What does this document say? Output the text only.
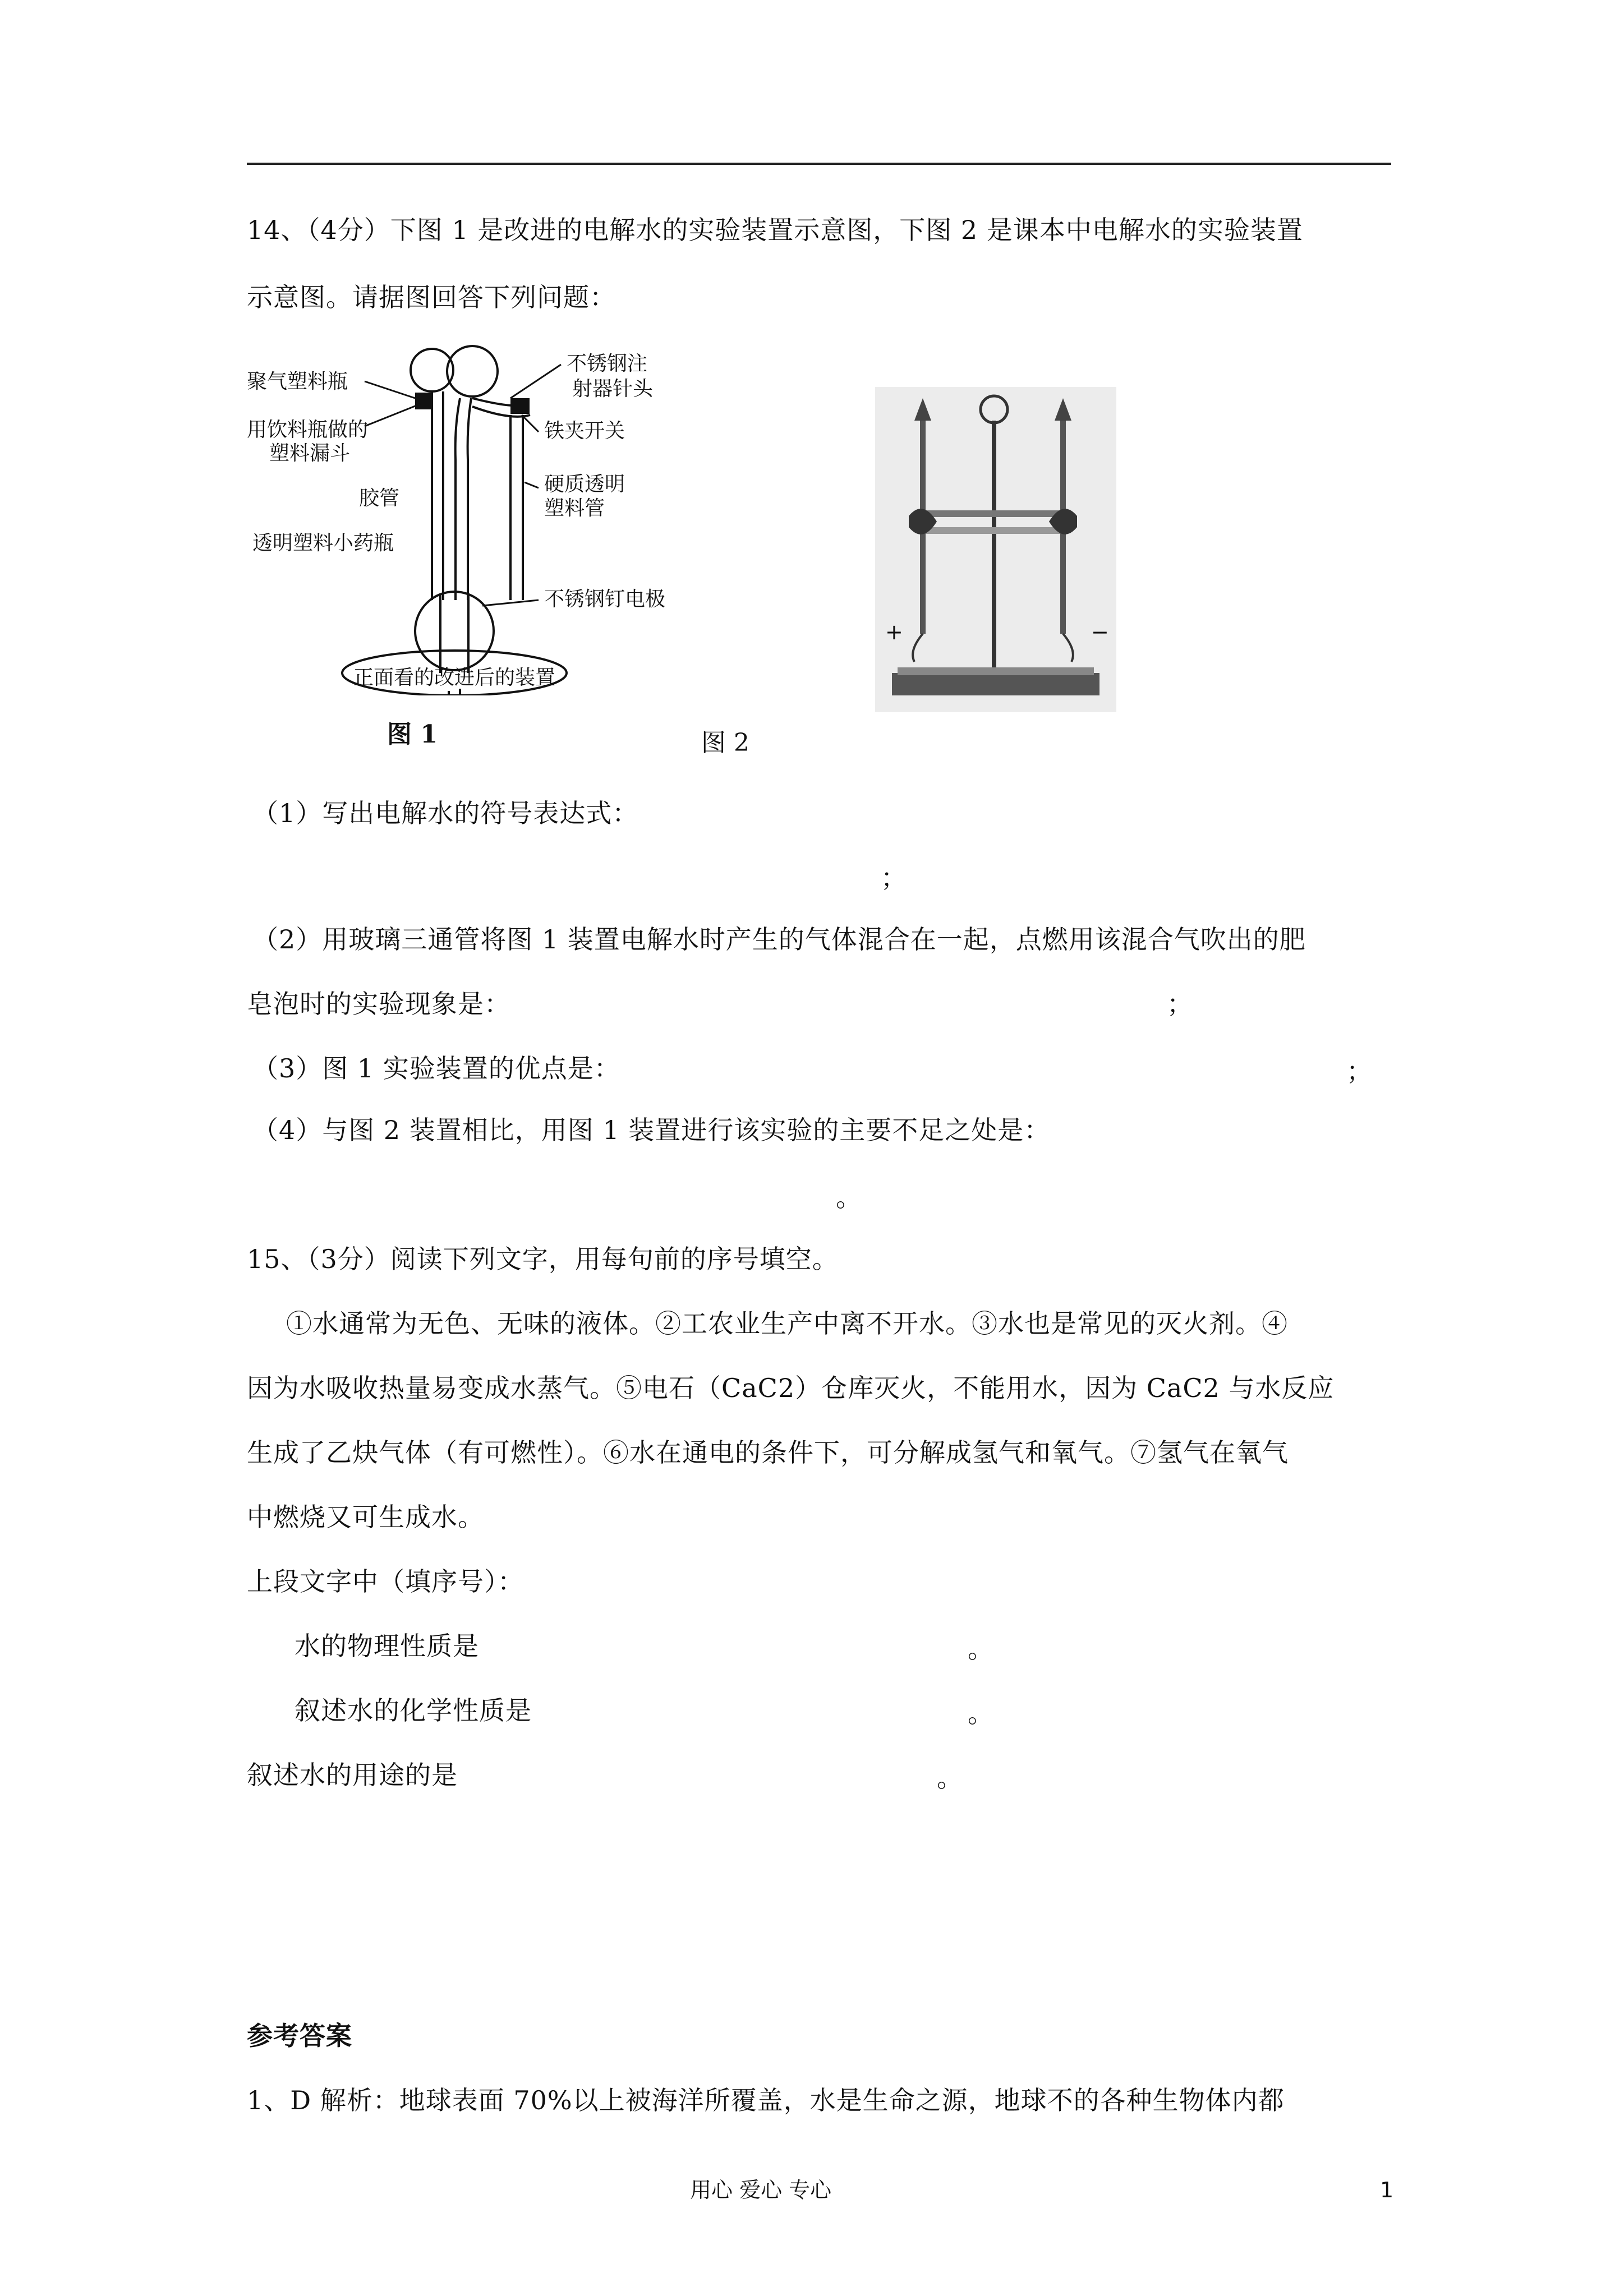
14、（4分）下图 1 是改进的电解水的实验装置示意图，下图 2 是课本中电解水的实验装置
示意图。请据图回答下列问题：
聚气塑料瓶
用饮料瓶做的
塑料漏斗
胶管
透明塑料小药瓶
不锈钢注
射器针头
铁夹开关
硬质透明
塑料管
不锈钢钉电极
正面看的改进后的装置
图 1
+	−
图 2
（1）写出电解水的符号表达式：
；
（2）用玻璃三通管将图 1 装置电解水时产生的气体混合在一起，点燃用该混合气吹出的肥
皂泡时的实验现象是：	；
（3）图 1 实验装置的优点是：	；
（4）与图 2 装置相比，用图 1 装置进行该实验的主要不足之处是：
。
15、（3分）阅读下列文字，用每句前的序号填空。
①水通常为无色、无味的液体。②工农业生产中离不开水。③水也是常见的灭火剂。④
因为水吸收热量易变成水蒸气。⑤电石（CaC2）仓库灭火，不能用水，因为 CaC2 与水反应
生成了乙炔气体（有可燃性）。⑥水在通电的条件下，可分解成氢气和氧气。⑦氢气在氧气
中燃烧又可生成水。
上段文字中（填序号）：
水的物理性质是	。
叙述水的化学性质是	。
叙述水的用途的是	。
参考答案
1、D 解析：地球表面 70%以上被海洋所覆盖，水是生命之源，地球不的各种生物体内都
用心 爱心 专心	1
